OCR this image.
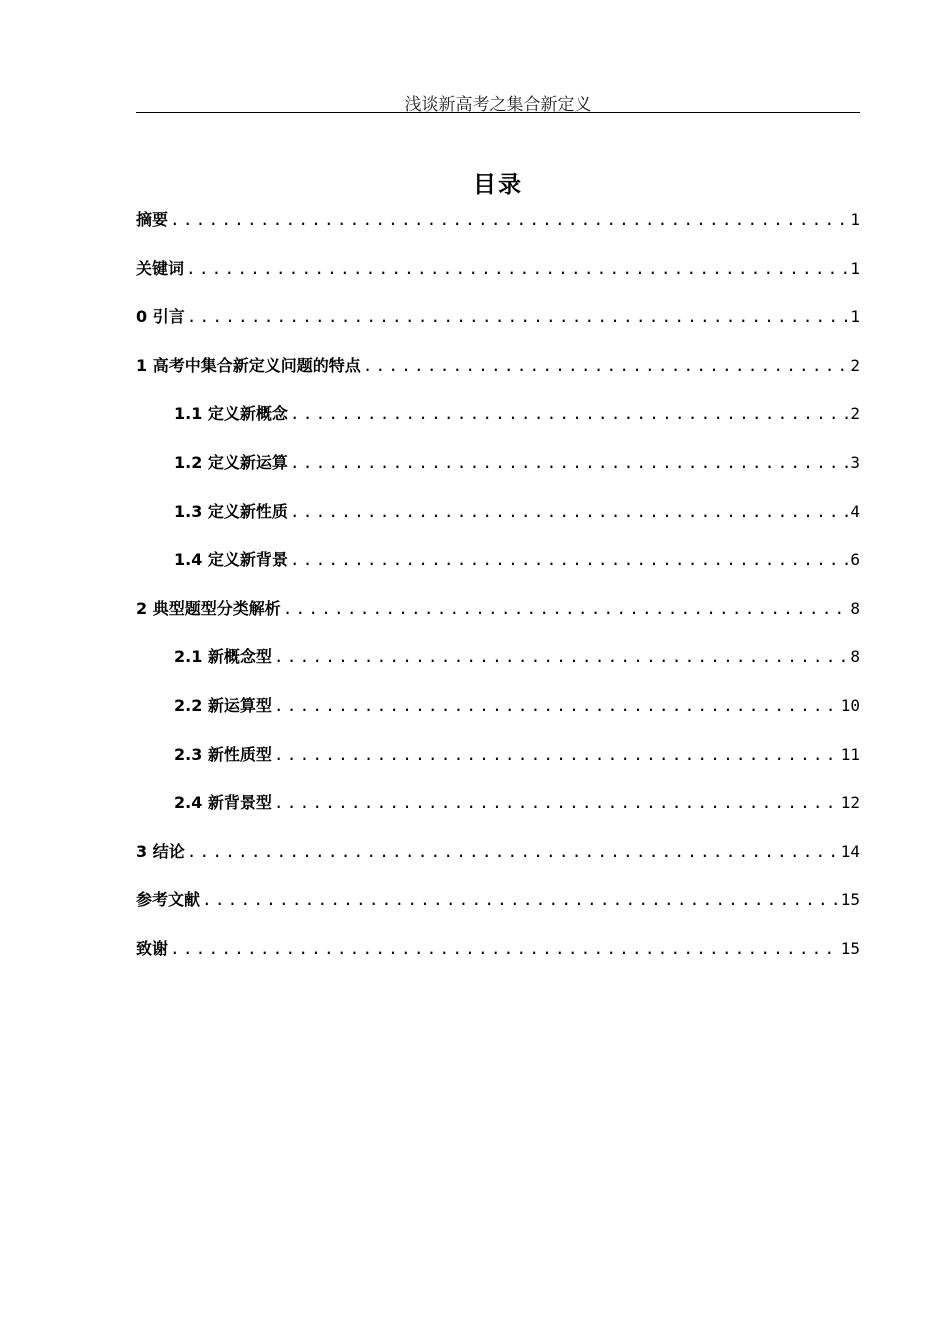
浅谈新高考之集合新定义
目录
摘要 .....	1
关键词 .....	1
0 引言 .....	1
1 高考中集合新定义问题的特点 .....	2
1.1 定义新概念 .....	2
1.2 定义新运算 .....	3
1.3 定义新性质 .....	4
1.4 定义新背景 .....	6
2 典型题型分类解析 .....	8
2.1 新概念型 .....	8
2.2 新运算型 .....	10
2.3 新性质型 .....	11
2.4 新背景型 .....	12
3 结论 .....	14
参考文献 .....	15
致谢 .....	15
